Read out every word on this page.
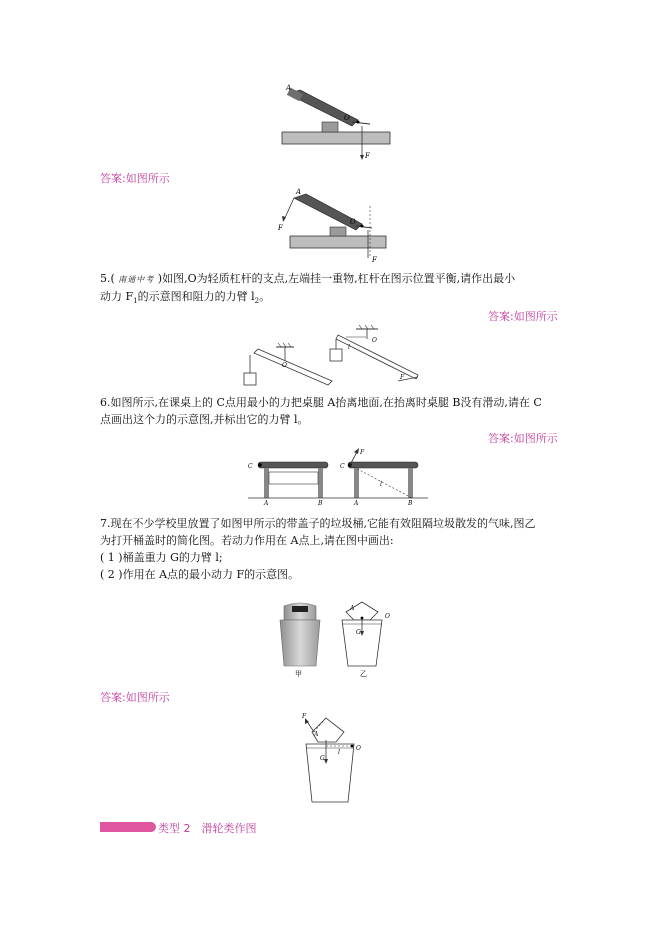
A
O
F
答案:如图所示
A
O
F
F
5.( 南通中考 )如图,O为轻质杠杆的支点,左端挂一重物,杠杆在图示位置平衡,请作出最小
动力 $F_1$的示意图和阻力的力臂 $l_2$。
答案:如图所示
O
O
l
F
6.如图所示,在课桌上的 C点用最小的力把桌腿 A抬离地面,在抬离时桌腿 B没有滑动,请在 C
点画出这个力的示意图,并标出它的力臂 l。
答案:如图所示
C
A	B
C
F
l
A	B
7.现在不少学校里放置了如图甲所示的带盖子的垃圾桶,它能有效阻隔垃圾散发的气味,图乙
为打开桶盖时的简化图。若动力作用在 A点上,请在图中画出:
( 1 )桶盖重力 G的力臂 l;
( 2 )作用在 A点的最小动力 F的示意图。
甲
A
O
G
乙
答案:如图所示
F
A
O
G
l
类型 2　滑轮类作图
